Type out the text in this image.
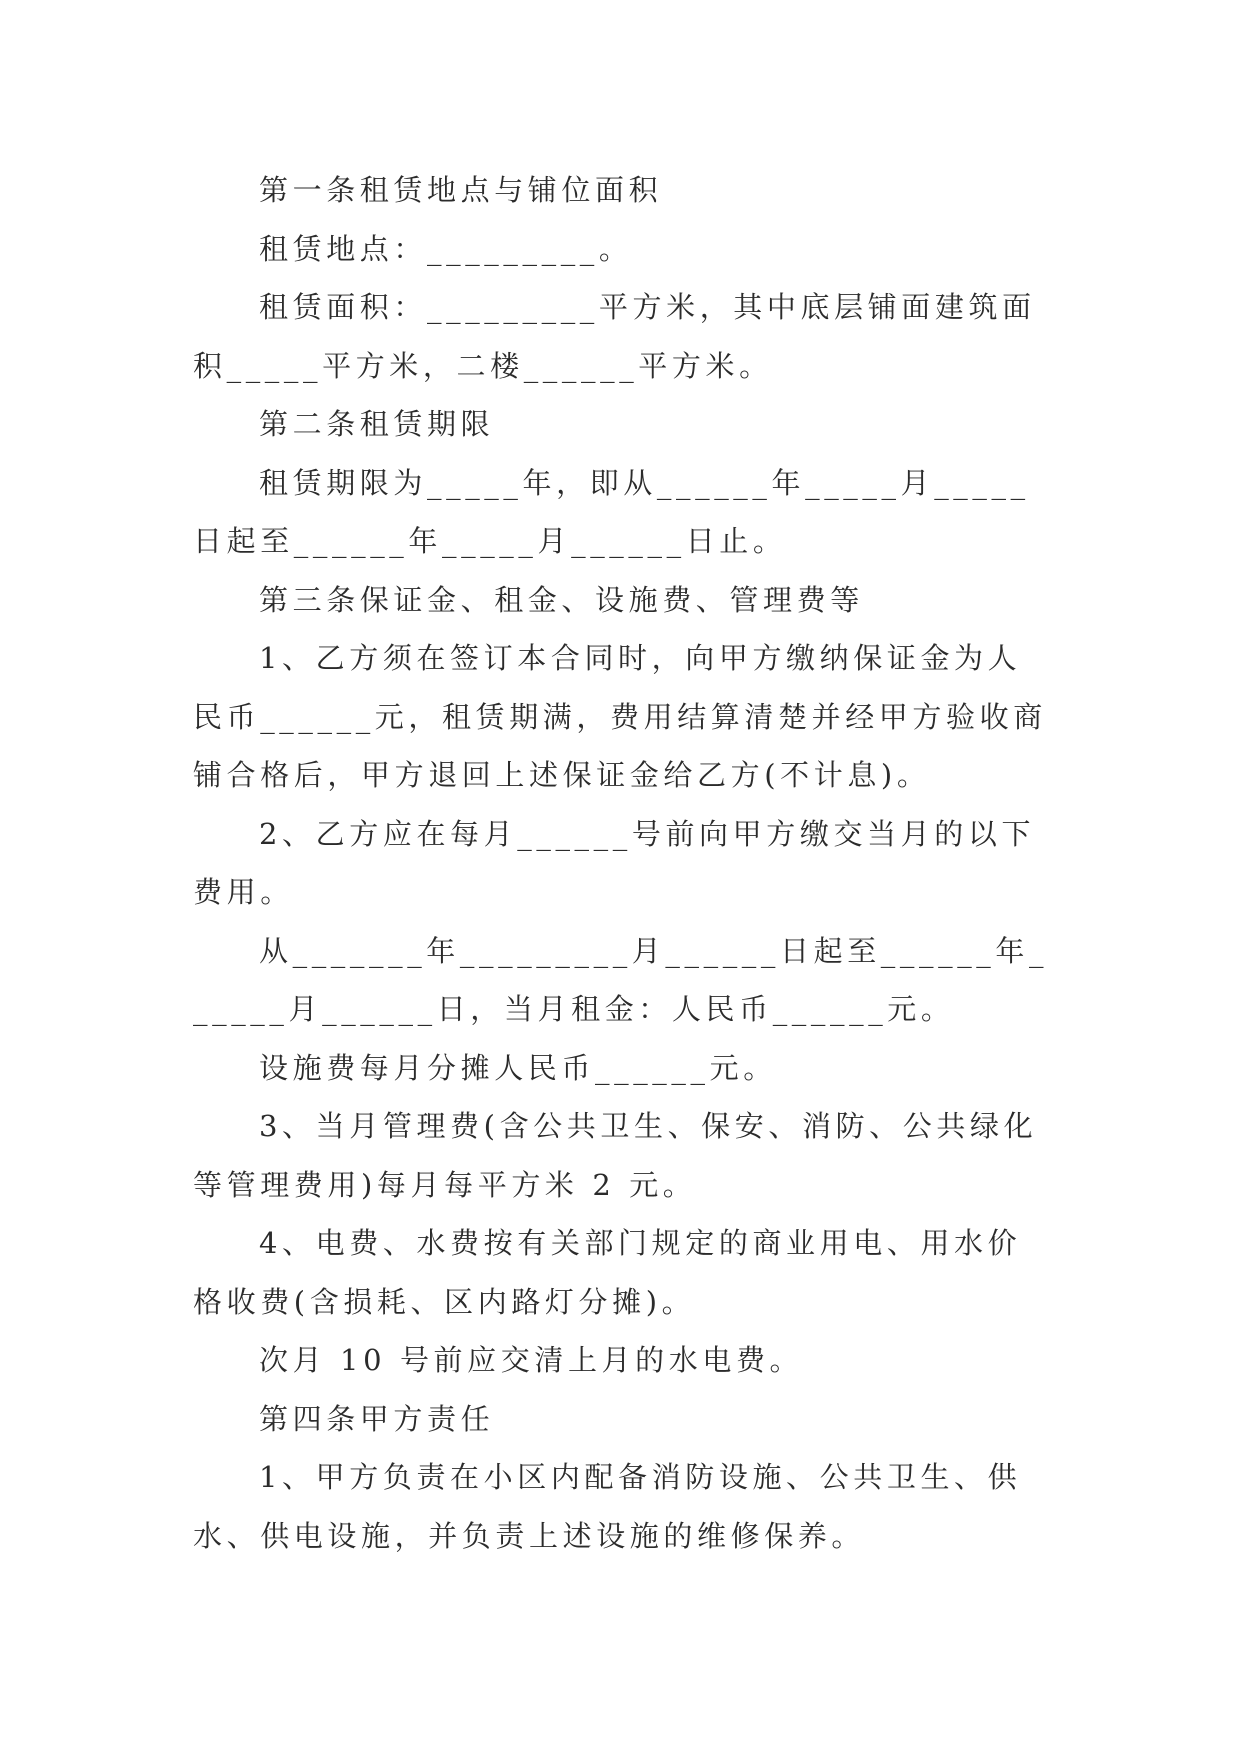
第一条租赁地点与铺位面积

租赁地点：_________。

租赁面积：_________平方米，其中底层铺面建筑面积_____平方米，二楼______平方米。

第二条租赁期限

租赁期限为_____年，即从______年_____月_____日起至______年_____月______日止。

第三条保证金、租金、设施费、管理费等

1、乙方须在签订本合同时，向甲方缴纳保证金为人民币______元，租赁期满，费用结算清楚并经甲方验收商铺合格后，甲方退回上述保证金给乙方(不计息)。

2、乙方应在每月______号前向甲方缴交当月的以下费用。

从_______年_________月______日起至______年______月______日，当月租金：人民币______元。

设施费每月分摊人民币______元。

3、当月管理费(含公共卫生、保安、消防、公共绿化等管理费用)每月每平方米 2 元。

4、电费、水费按有关部门规定的商业用电、用水价格收费(含损耗、区内路灯分摊)。

次月 10 号前应交清上月的水电费。

第四条甲方责任

1、甲方负责在小区内配备消防设施、公共卫生、供水、供电设施，并负责上述设施的维修保养。
